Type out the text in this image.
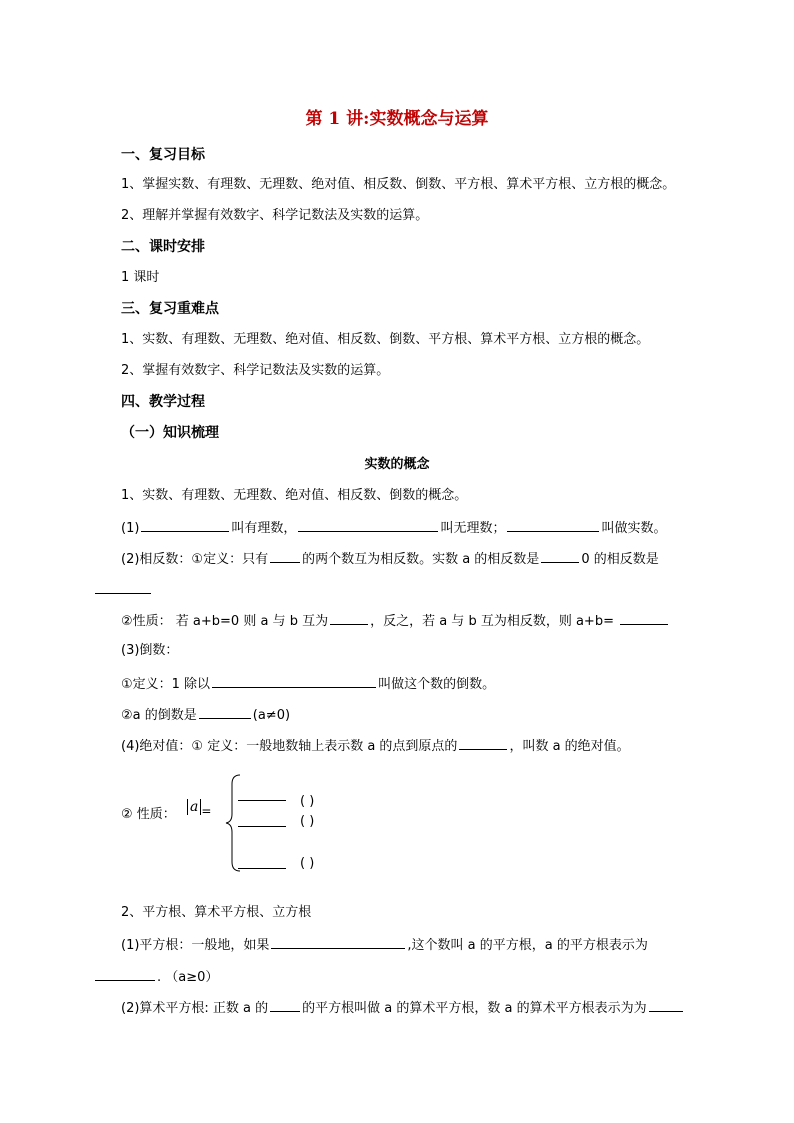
第 1 讲:实数概念与运算
一、复习目标
1、掌握实数、有理数、无理数、绝对值、相反数、倒数、平方根、算术平方根、立方根的概念。
2、理解并掌握有效数字、科学记数法及实数的运算。
二、课时安排
1 课时
三、复习重难点
1、实数、有理数、无理数、绝对值、相反数、倒数、平方根、算术平方根、立方根的概念。
2、掌握有效数字、科学记数法及实数的运算。
四、教学过程
（一）知识梳理
实数的概念
1、实数、有理数、无理数、绝对值、相反数、倒数的概念。
(1)	叫有理数，	叫无理数；	叫做实数。
(2)相反数：①定义：只有	的两个数互为相反数。实数 a 的相反数是	0 的相反数是
②性质： 若 a+b=0 则 a 与 b 互为	，反之，若 a 与 b 互为相反数，则 a+b=
(3)倒数：
①定义：1 除以	叫做这个数的倒数。
②a 的倒数是	(a≠0)
(4)绝对值：① 定义：一般地数轴上表示数 a 的点到原点的	，叫数 a 的绝对值。
② 性质： a =
( )
( )
( )
2、平方根、算术平方根、立方根
(1)平方根：一般地，如果	,这个数叫 a 的平方根，a 的平方根表示为
. （a≥0）
(2)算术平方根: 正数 a 的	的平方根叫做 a 的算术平方根，数 a 的算术平方根表示为为
